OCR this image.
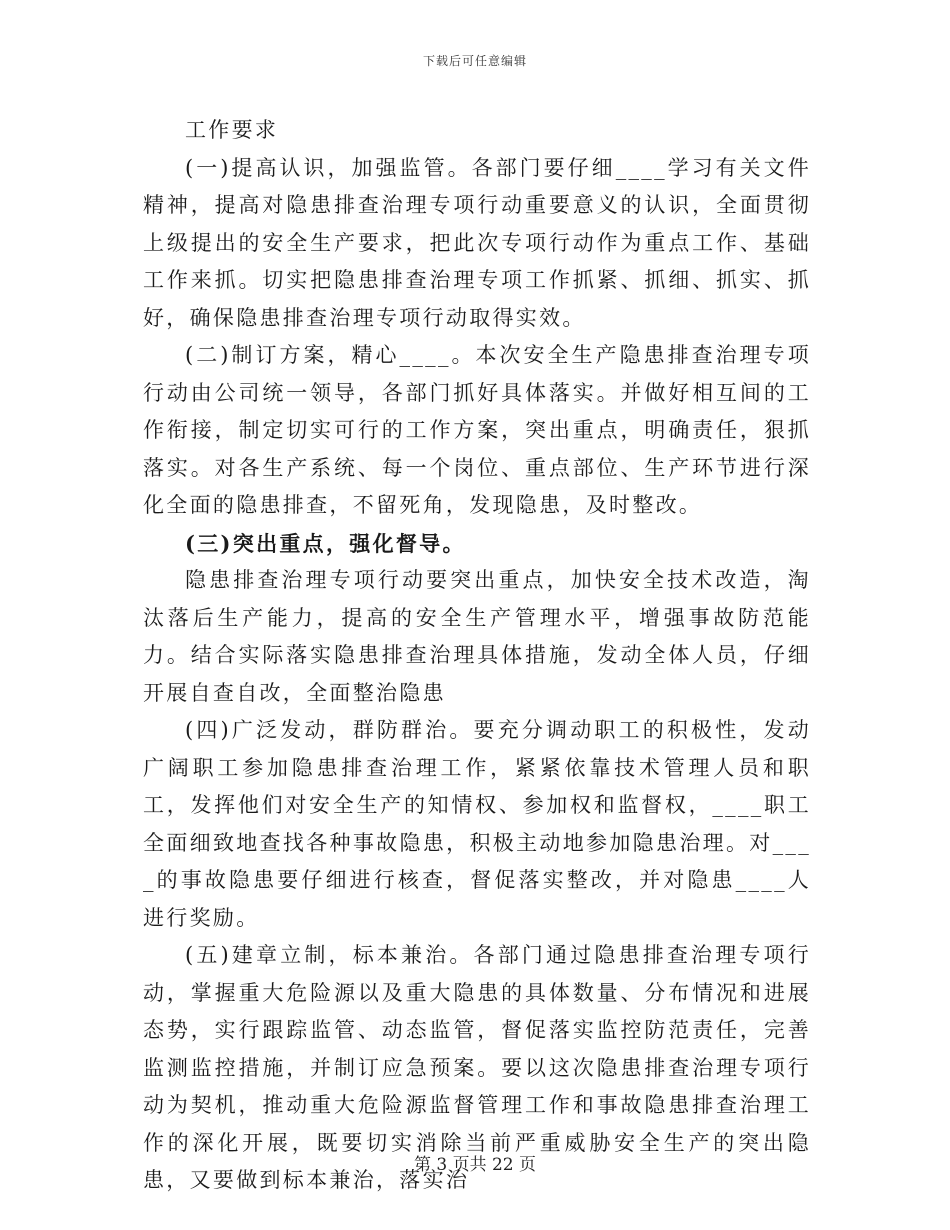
下载后可任意编辑

工作要求

(一)提高认识，加强监管。各部门要仔细____学习有关文件精神，提高对隐患排查治理专项行动重要意义的认识，全面贯彻上级提出的安全生产要求，把此次专项行动作为重点工作、基础工作来抓。切实把隐患排查治理专项工作抓紧、抓细、抓实、抓好，确保隐患排查治理专项行动取得实效。

(二)制订方案，精心____。本次安全生产隐患排查治理专项行动由公司统一领导，各部门抓好具体落实。并做好相互间的工作衔接，制定切实可行的工作方案，突出重点，明确责任，狠抓落实。对各生产系统、每一个岗位、重点部位、生产环节进行深化全面的隐患排查，不留死角，发现隐患，及时整改。

(三)突出重点，强化督导。

隐患排查治理专项行动要突出重点，加快安全技术改造，淘汰落后生产能力，提高的安全生产管理水平，增强事故防范能力。结合实际落实隐患排查治理具体措施，发动全体人员，仔细开展自查自改，全面整治隐患

(四)广泛发动，群防群治。要充分调动职工的积极性，发动广阔职工参加隐患排查治理工作，紧紧依靠技术管理人员和职工，发挥他们对安全生产的知情权、参加权和监督权，____职工全面细致地查找各种事故隐患，积极主动地参加隐患治理。对____的事故隐患要仔细进行核查，督促落实整改，并对隐患____人进行奖励。

(五)建章立制，标本兼治。各部门通过隐患排查治理专项行动，掌握重大危险源以及重大隐患的具体数量、分布情况和进展态势，实行跟踪监管、动态监管，督促落实监控防范责任，完善监测监控措施，并制订应急预案。要以这次隐患排查治理专项行动为契机，推动重大危险源监督管理工作和事故隐患排查治理工作的深化开展，既要切实消除当前严重威胁安全生产的突出隐患，又要做到标本兼治，落实治

第 3 页共 22 页
